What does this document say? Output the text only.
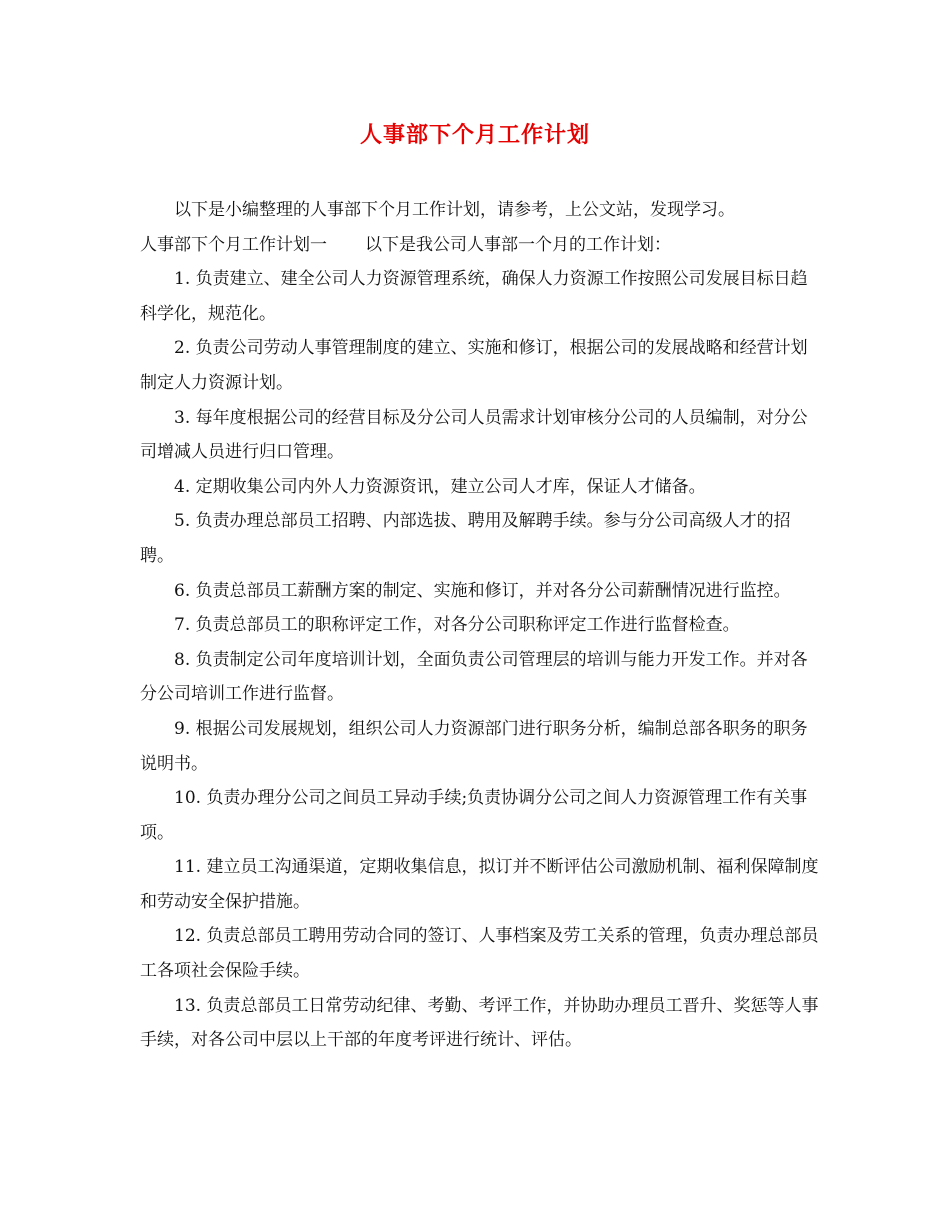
人事部下个月工作计划

以下是小编整理的人事部下个月工作计划，请参考，上公文站，发现学习。

人事部下个月工作计划一 以下是我公司人事部一个月的工作计划：

1. 负责建立、建全公司人力资源管理系统，确保人力资源工作按照公司发展目标日趋科学化，规范化。

2. 负责公司劳动人事管理制度的建立、实施和修订，根据公司的发展战略和经营计划制定人力资源计划。

3. 每年度根据公司的经营目标及分公司人员需求计划审核分公司的人员编制，对分公司增减人员进行归口管理。

4. 定期收集公司内外人力资源资讯，建立公司人才库，保证人才储备。

5. 负责办理总部员工招聘、内部选拔、聘用及解聘手续。参与分公司高级人才的招聘。

6. 负责总部员工薪酬方案的制定、实施和修订，并对各分公司薪酬情况进行监控。

7. 负责总部员工的职称评定工作，对各分公司职称评定工作进行监督检查。

8. 负责制定公司年度培训计划，全面负责公司管理层的培训与能力开发工作。并对各分公司培训工作进行监督。

9. 根据公司发展规划，组织公司人力资源部门进行职务分析，编制总部各职务的职务说明书。

10. 负责办理分公司之间员工异动手续;负责协调分公司之间人力资源管理工作有关事项。

11. 建立员工沟通渠道，定期收集信息，拟订并不断评估公司激励机制、福利保障制度和劳动安全保护措施。

12. 负责总部员工聘用劳动合同的签订、人事档案及劳工关系的管理，负责办理总部员工各项社会保险手续。

13. 负责总部员工日常劳动纪律、考勤、考评工作，并协助办理员工晋升、奖惩等人事手续，对各公司中层以上干部的年度考评进行统计、评估。
